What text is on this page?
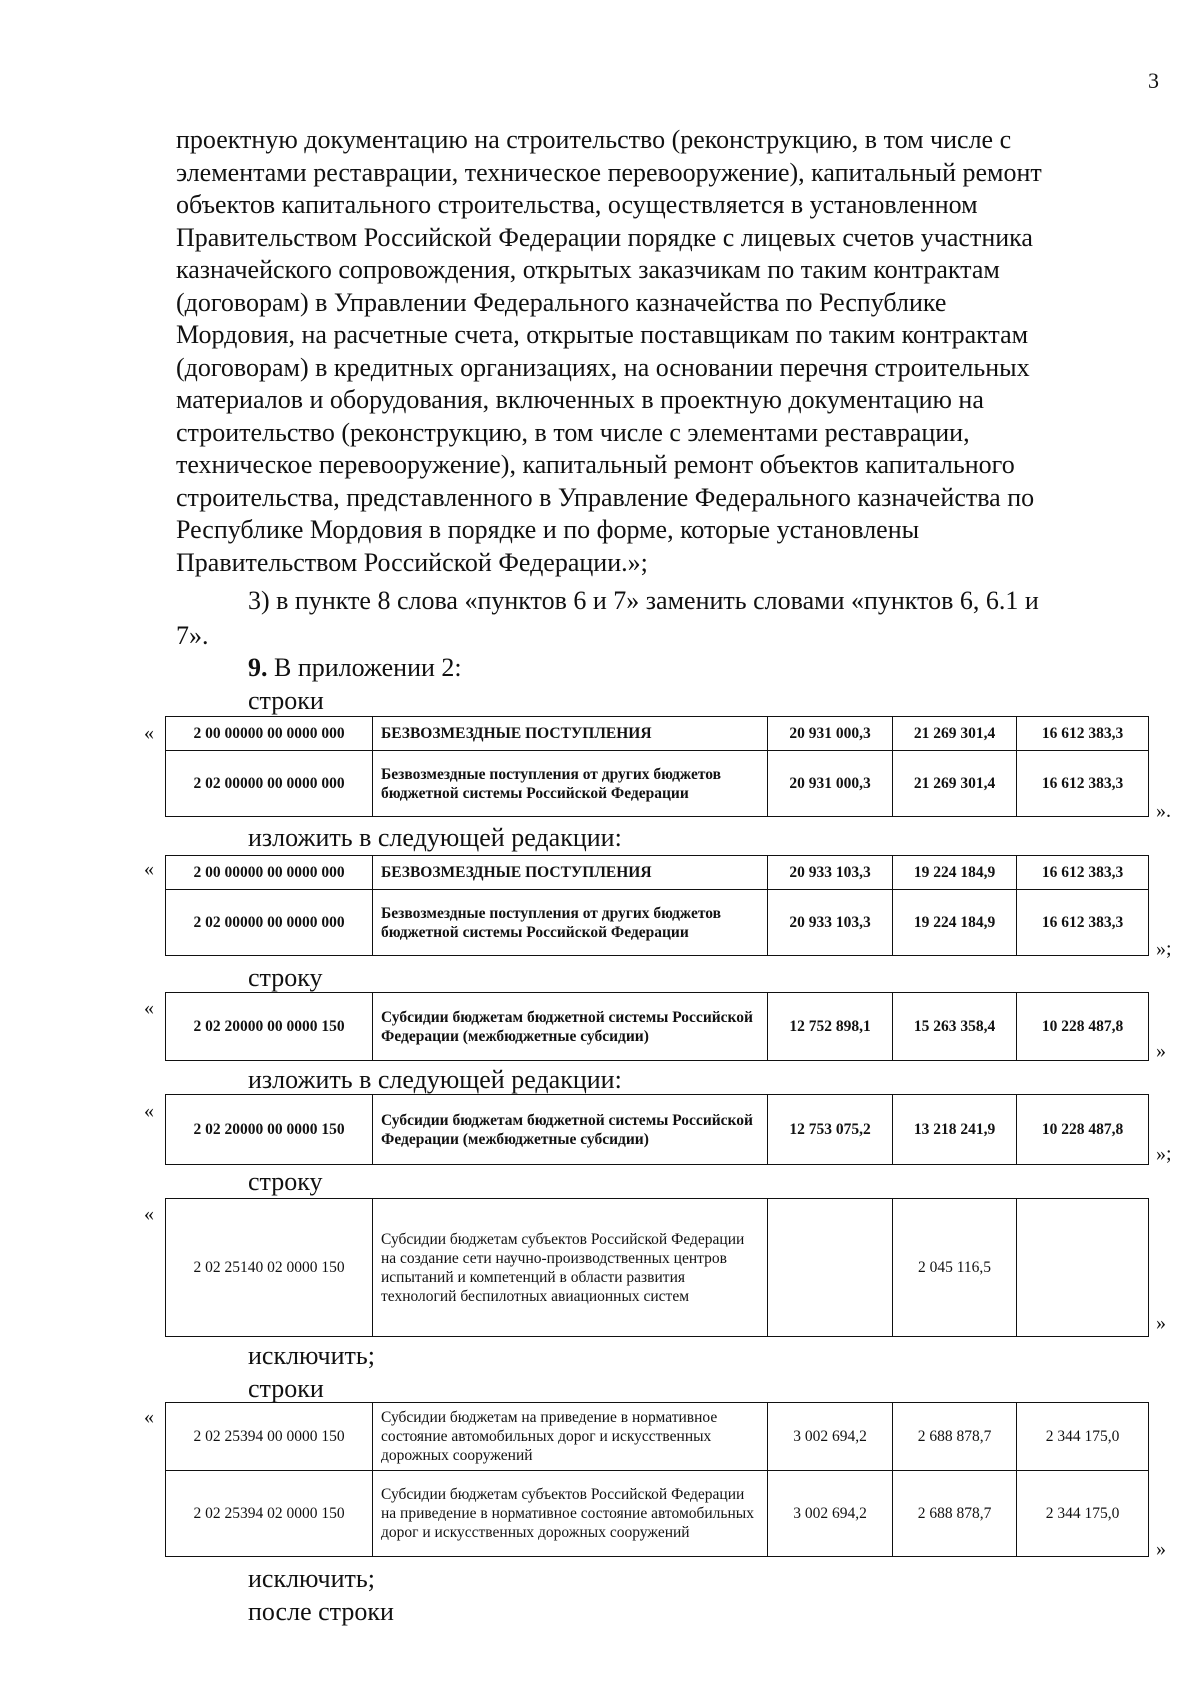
3
проектную документацию на строительство (реконструкцию, в том числе с
элементами реставрации, техническое перевооружение), капитальный ремонт
объектов капитального строительства, осуществляется в установленном
Правительством Российской Федерации порядке с лицевых счетов участника
казначейского сопровождения, открытых заказчикам по таким контрактам
(договорам) в Управлении Федерального казначейства по Республике
Мордовия, на расчетные счета, открытые поставщикам по таким контрактам
(договорам) в кредитных организациях, на основании перечня строительных
материалов и оборудования, включенных в проектную документацию на
строительство (реконструкцию, в том числе с элементами реставрации,
техническое перевооружение), капитальный ремонт объектов капитального
строительства, представленного в Управление Федерального казначейства по
Республике Мордовия в порядке и по форме, которые установлены
Правительством Российской Федерации.»;
3) в пункте 8 слова «пунктов 6 и 7» заменить словами «пунктов 6, 6.1 и
7».
9. В приложении 2:
строки
«	2 00 00000 00 0000 000	БЕЗВОЗМЕЗДНЫЕ ПОСТУПЛЕНИЯ	20 931 000,3	21 269 301,4	16 612 383,3
2 02 00000 00 0000 000	Безвозмездные поступления от других бюджетов бюджетной системы Российской Федерации	20 931 000,3	21 269 301,4	16 612 383,3
».
изложить в следующей редакции:
«	2 00 00000 00 0000 000	БЕЗВОЗМЕЗДНЫЕ ПОСТУПЛЕНИЯ	20 933 103,3	19 224 184,9	16 612 383,3
2 02 00000 00 0000 000	Безвозмездные поступления от других бюджетов бюджетной системы Российской Федерации	20 933 103,3	19 224 184,9	16 612 383,3
»;
строку
«
2 02 20000 00 0000 150	Субсидии бюджетам бюджетной системы Российской Федерации (межбюджетные субсидии)	12 752 898,1	15 263 358,4	10 228 487,8
»
изложить в следующей редакции:
«
2 02 20000 00 0000 150	Субсидии бюджетам бюджетной системы Российской Федерации (межбюджетные субсидии)	12 753 075,2	13 218 241,9	10 228 487,8
»;
строку
«
2 02 25140 02 0000 150	Субсидии бюджетам субъектов Российской Федерации на создание сети научно-производственных центров испытаний и компетенций в области развития технологий беспилотных авиационных систем		2 045 116,5	
»
исключить;
строки
«
2 02 25394 00 0000 150	Субсидии бюджетам на приведение в нормативное состояние автомобильных дорог и искусственных дорожных сооружений	3 002 694,2	2 688 878,7	2 344 175,0
2 02 25394 02 0000 150	Субсидии бюджетам субъектов Российской Федерации на приведение в нормативное состояние автомобильных дорог и искусственных дорожных сооружений	3 002 694,2	2 688 878,7	2 344 175,0
»
исключить;
после строки
